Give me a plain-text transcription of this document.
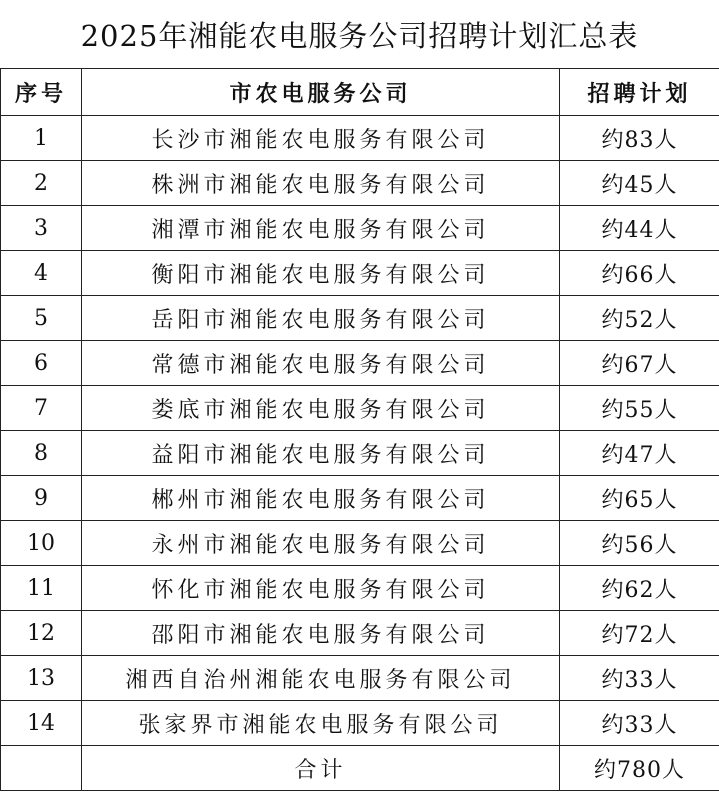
2025年湘能农电服务公司招聘计划汇总表
序号	市农电服务公司	招聘计划
1	长沙市湘能农电服务有限公司	约83人
2	株洲市湘能农电服务有限公司	约45人
3	湘潭市湘能农电服务有限公司	约44人
4	衡阳市湘能农电服务有限公司	约66人
5	岳阳市湘能农电服务有限公司	约52人
6	常德市湘能农电服务有限公司	约67人
7	娄底市湘能农电服务有限公司	约55人
8	益阳市湘能农电服务有限公司	约47人
9	郴州市湘能农电服务有限公司	约65人
10	永州市湘能农电服务有限公司	约56人
11	怀化市湘能农电服务有限公司	约62人
12	邵阳市湘能农电服务有限公司	约72人
13	湘西自治州湘能农电服务有限公司	约33人
14	张家界市湘能农电服务有限公司	约33人
	合计	约780人
